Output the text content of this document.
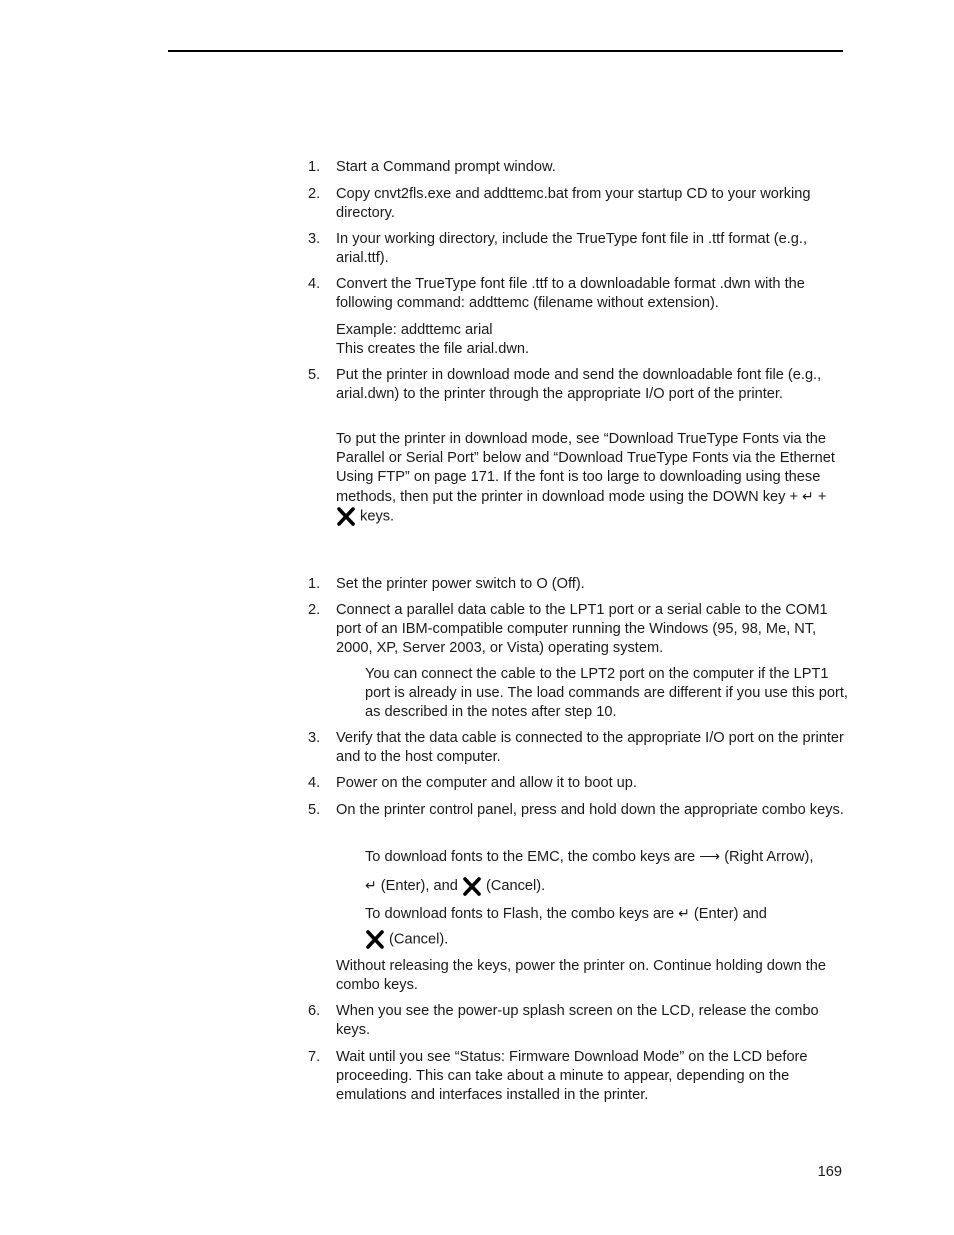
1.	Start a Command prompt window.
2.	Copy cnvt2fls.exe and addttemc.bat from your startup CD to your working directory.
3.	In your working directory, include the TrueType font file in .ttf format (e.g., arial.ttf).
4.	Convert the TrueType font file .ttf to a downloadable format .dwn with the following command: addttemc (filename without extension).
Example: addttemc arial
This creates the file arial.dwn.
5.	Put the printer in download mode and send the downloadable font file (e.g., arial.dwn) to the printer through the appropriate I/O port of the printer.
To put the printer in download mode, see “Download TrueType Fonts via the Parallel or Serial Port” below and “Download TrueType Fonts via the Ethernet Using FTP” on page 171. If the font is too large to downloading using these methods, then put the printer in download mode using the DOWN key + ↵ +  keys.
1.	Set the printer power switch to O (Off).
2.	Connect a parallel data cable to the LPT1 port or a serial cable to the COM1 port of an IBM-compatible computer running the Windows (95, 98, Me, NT, 2000, XP, Server 2003, or Vista) operating system.
You can connect the cable to the LPT2 port on the computer if the LPT1 port is already in use. The load commands are different if you use this port, as described in the notes after step 10.
3.	Verify that the data cable is connected to the appropriate I/O port on the printer and to the host computer.
4.	Power on the computer and allow it to boot up.
5.	On the printer control panel, press and hold down the appropriate combo keys.
To download fonts to the EMC, the combo keys are ⟶ (Right Arrow),
↵ (Enter), and  (Cancel).
To download fonts to Flash, the combo keys are ↵ (Enter) and
(Cancel).
Without releasing the keys, power the printer on. Continue holding down the combo keys.
6.	When you see the power-up splash screen on the LCD, release the combo keys.
7.	Wait until you see “Status: Firmware Download Mode” on the LCD before proceeding. This can take about a minute to appear, depending on the emulations and interfaces installed in the printer.
169
